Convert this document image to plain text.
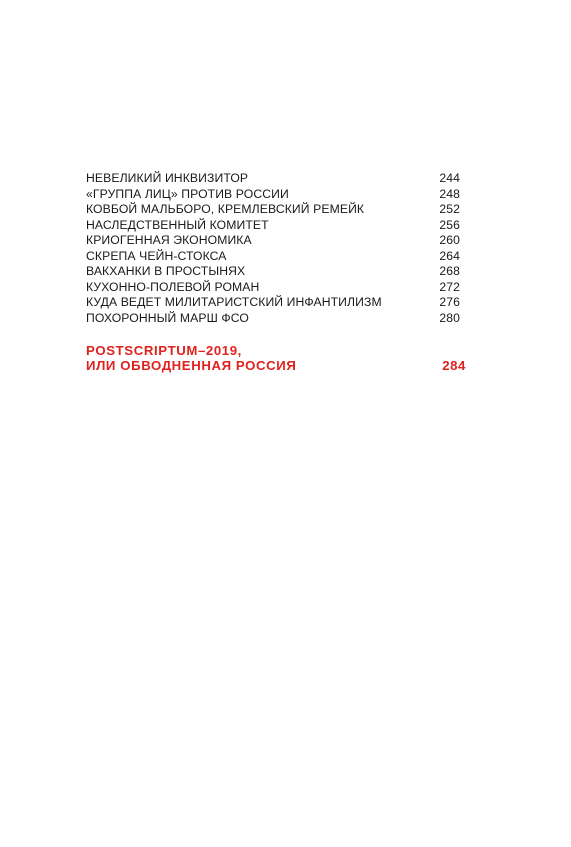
НЕВЕЛИКИЙ ИНКВИЗИТОР	244
«ГРУППА ЛИЦ» ПРОТИВ РОССИИ	248
КОВБОЙ МАЛЬБОРО, КРЕМЛЕВСКИЙ РЕМЕЙК	252
НАСЛЕДСТВЕННЫЙ КОМИТЕТ	256
КРИОГЕННАЯ ЭКОНОМИКА	260
СКРЕПА ЧЕЙН-СТОКСА	264
ВАКХАНКИ В ПРОСТЫНЯХ	268
КУХОННО-ПОЛЕВОЙ РОМАН	272
КУДА ВЕДЕТ МИЛИТАРИСТСКИЙ ИНФАНТИЛИЗМ	276
ПОХОРОННЫЙ МАРШ ФСО	280
POSTSCRIPTUM–2019,
ИЛИ ОБВОДНЕННАЯ РОССИЯ	284
